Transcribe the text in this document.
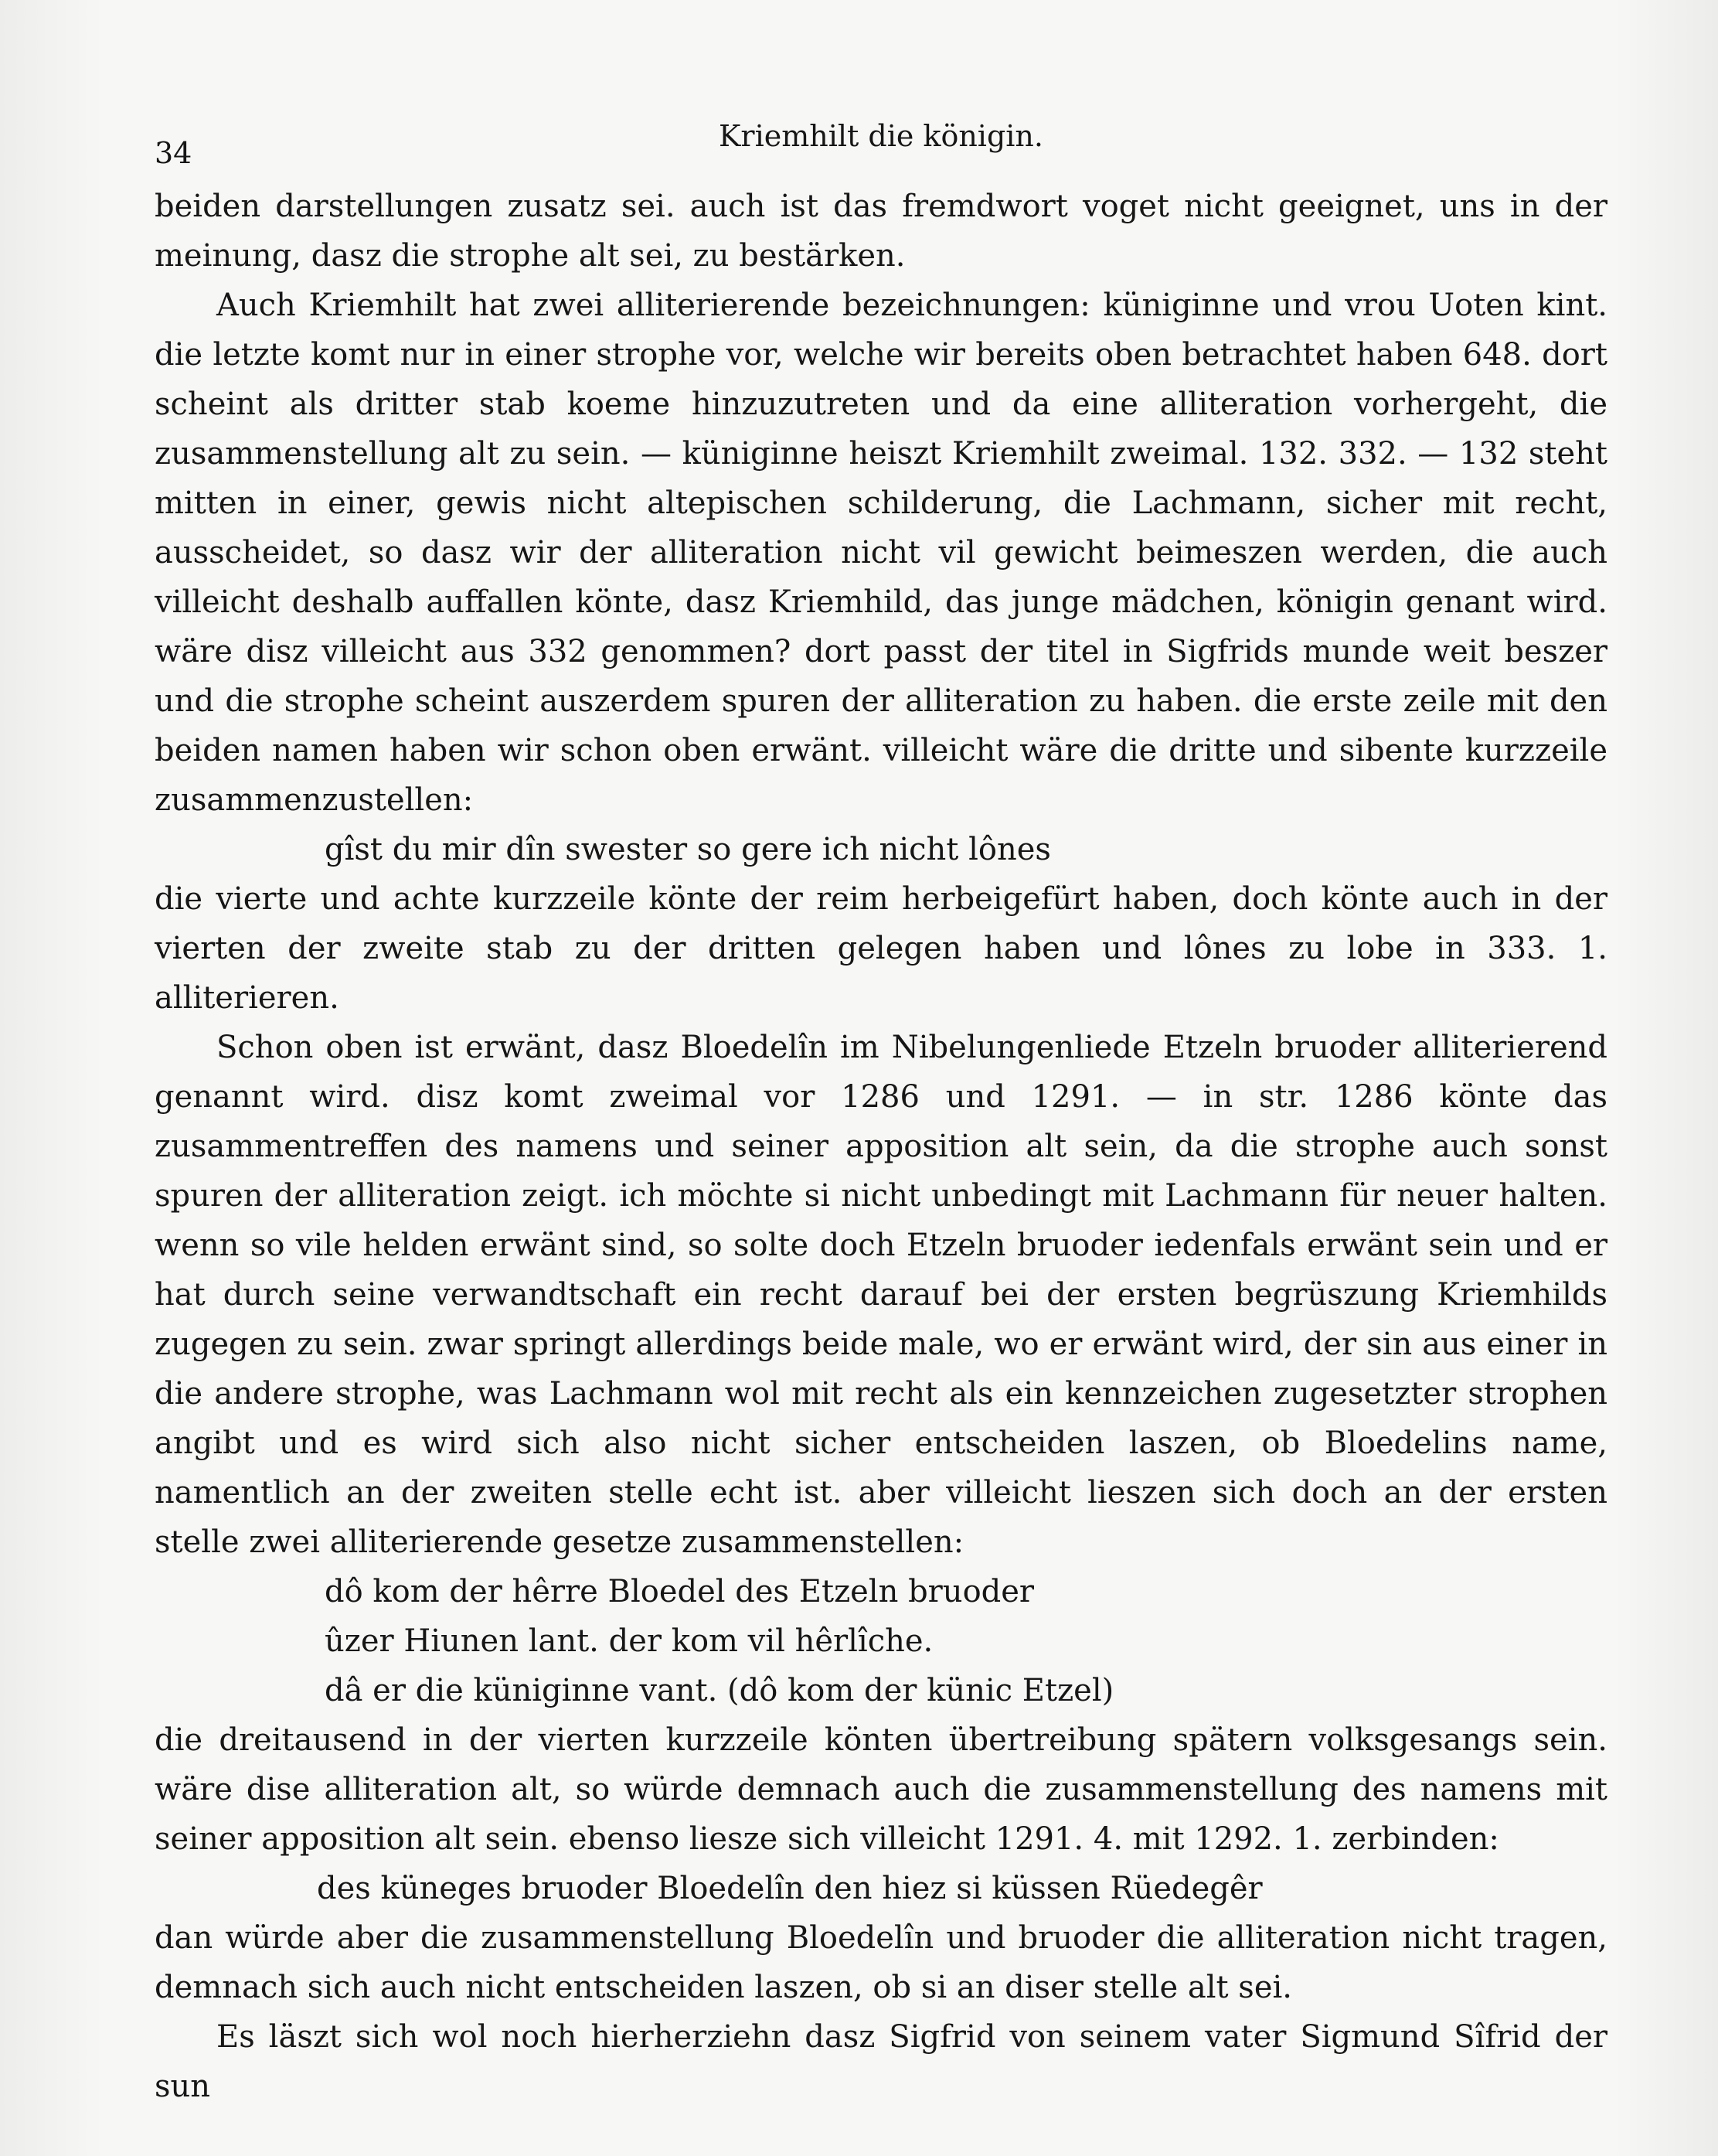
34	Kriemhilt die königin.

beiden darstellungen zusatz sei. auch ist das fremdwort voget nicht geeignet, uns in der meinung, dasz die strophe alt sei, zu bestärken.

Auch Kriemhilt hat zwei alliterierende bezeichnungen: küniginne und vrou Uoten kint. die letzte komt nur in einer strophe vor, welche wir bereits oben betrachtet haben 648. dort scheint als dritter stab koeme hinzuzutreten und da eine alliteration vorhergeht, die zusammenstellung alt zu sein. — küniginne heiszt Kriemhilt zweimal. 132. 332. — 132 steht mitten in einer, gewis nicht altepischen schilderung, die Lachmann, sicher mit recht, ausscheidet, so dasz wir der alliteration nicht vil gewicht beimeszen werden, die auch villeicht deshalb auffallen könte, dasz Kriemhild, das junge mädchen, königin genant wird. wäre disz villeicht aus 332 genommen? dort passt der titel in Sigfrids munde weit beszer und die strophe scheint auszerdem spuren der alliteration zu haben. die erste zeile mit den beiden namen haben wir schon oben erwänt. villeicht wäre die dritte und sibente kurzzeile zusammenzustellen:

gîst du mir dîn swester so gere ich nicht lônes

die vierte und achte kurzzeile könte der reim herbeigefürt haben, doch könte auch in der vierten der zweite stab zu der dritten gelegen haben und lônes zu lobe in 333. 1. alliterieren.

Schon oben ist erwänt, dasz Bloedelîn im Nibelungenliede Etzeln bruoder alliterierend genannt wird. disz komt zweimal vor 1286 und 1291. — in str. 1286 könte das zusammentreffen des namens und seiner apposition alt sein, da die strophe auch sonst spuren der alliteration zeigt. ich möchte si nicht unbedingt mit Lachmann für neuer halten. wenn so vile helden erwänt sind, so solte doch Etzeln bruoder iedenfals erwänt sein und er hat durch seine verwandtschaft ein recht darauf bei der ersten begrüszung Kriemhilds zugegen zu sein. zwar springt allerdings beide male, wo er erwänt wird, der sin aus einer in die andere strophe, was Lachmann wol mit recht als ein kennzeichen zugesetzter strophen angibt und es wird sich also nicht sicher entscheiden laszen, ob Bloedelins name, namentlich an der zweiten stelle echt ist. aber villeicht lieszen sich doch an der ersten stelle zwei alliterierende gesetze zusammenstellen:

dô kom der hêrre Bloedel des Etzeln bruoder

ûzer Hiunen lant. der kom vil hêrlîche.

dâ er die küniginne vant. (dô kom der künic Etzel)

die dreitausend in der vierten kurzzeile könten übertreibung spätern volksgesangs sein. wäre dise alliteration alt, so würde demnach auch die zusammenstellung des namens mit seiner apposition alt sein. ebenso liesze sich villeicht 1291. 4. mit 1292. 1. zerbinden:

des küneges bruoder Bloedelîn den hiez si küssen Rüedegêr

dan würde aber die zusammenstellung Bloedelîn und bruoder die alliteration nicht tragen, demnach sich auch nicht entscheiden laszen, ob si an diser stelle alt sei.

Es läszt sich wol noch hierherziehn dasz Sigfrid von seinem vater Sigmund Sîfrid der sun
